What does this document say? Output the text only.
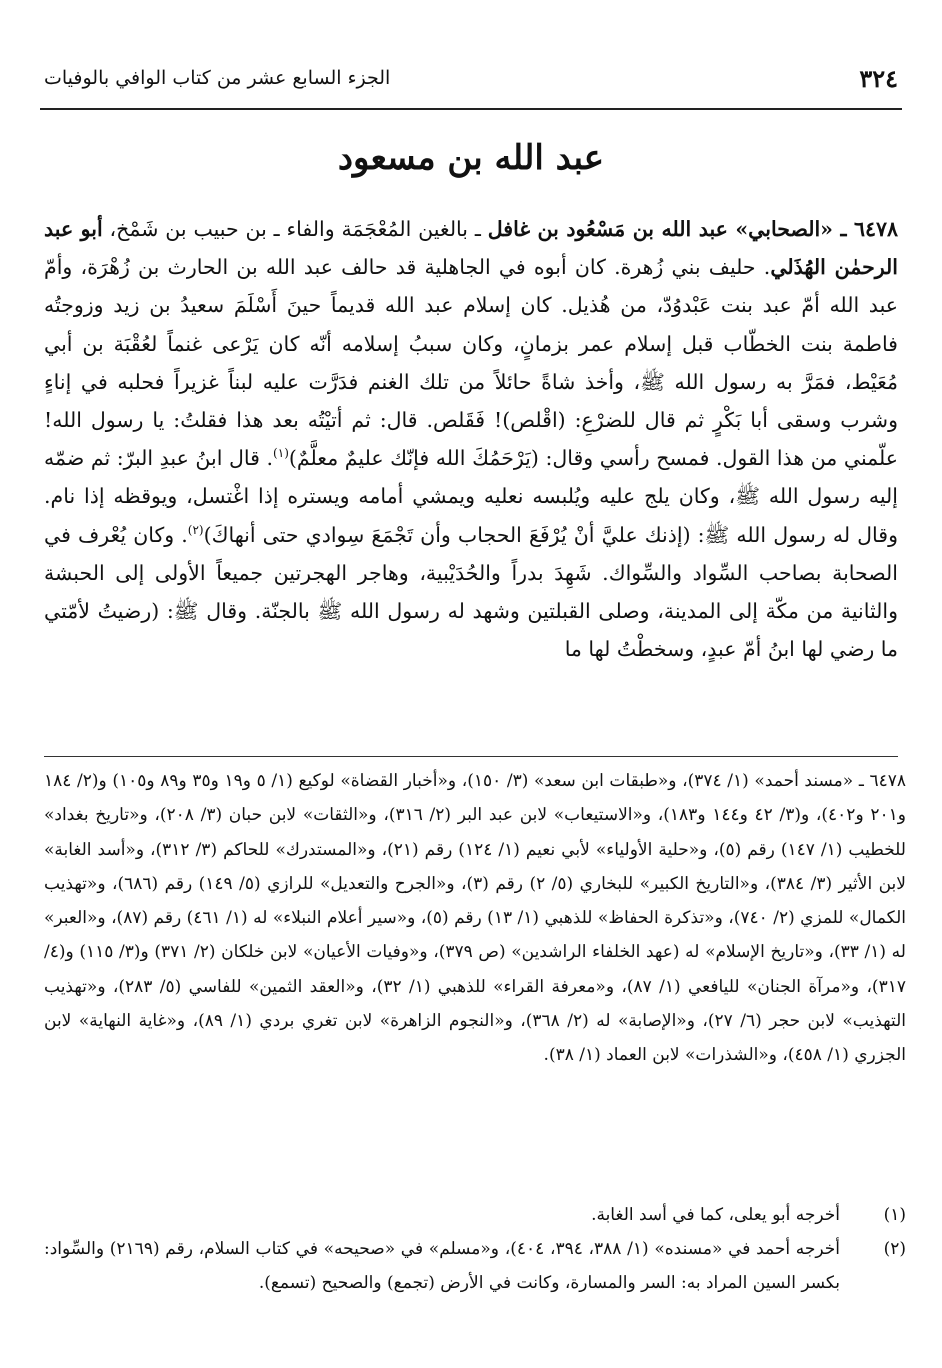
٣٢٤
الجزء السابع عشر من كتاب الوافي بالوفيات
عبد الله بن مسعود

٦٤٧٨ ـ «الصحابي» عبد الله بن مَسْعُود بن غافل ـ بالغين المُعْجَمَة والفاء ـ بن حبيب بن شَمْخ، أبو عبد الرحمٰن الهُذَلي. حليف بني زُهرة. كان أبوه في الجاهلية قد حالف عبد الله بن الحارث بن زُهْرَة، وأمّ عبد الله أمّ عبد بنت عَبْدوُدّ، من هُذيل. كان إسلام عبد الله قديماً حينَ أَسْلَمَ سعيدُ بن زيد وزوجتُه فاطمة بنت الخطّاب قبل إسلام عمر بزمانٍ، وكان سببُ إسلامه أنّه كان يَرْعى غنماً لعُقْبَة بن أبي مُعَيْط، فمَرَّ به رسول الله ﷺ، وأخذ شاةً حائلاً من تلك الغنم فدَرَّت عليه لبناً غزيراً فحلبه في إناءٍ وشرب وسقى أبا بَكْرٍ ثم قال للضرْعِ: (اقْلص)! فَقَلص. قال: ثم أتيْتُه بعد هذا فقلتُ: يا رسول الله! علّمني من هذا القول. فمسح رأسي وقال: (يَرْحَمُكَ الله فإنّك عليمٌ معلَّمٌ)$^{(١)}$. قال ابنُ عبدِ البرّ: ثم ضمّه إليه رسول الله ﷺ، وكان يلج عليه ويُلبسه نعليه ويمشي أمامه ويستره إذا اغْتسل، ويوقظه إذا نام. وقال له رسول الله ﷺ: (إذنك عليَّ أنْ يُرْفَعَ الحجاب وأن تَجْمَعَ سِوادي حتى أنهاكَ)$^{(٢)}$. وكان يُعْرف في الصحابة بصاحب السِّواد والسِّواك. شَهِدَ بدراً والحُدَيْبية، وهاجر الهجرتين جميعاً الأولى إلى الحبشة والثانية من مكّة إلى المدينة، وصلى القبلتين وشهد له رسول الله ﷺ بالجنّة. وقال ﷺ: (رضيتُ لأمّتي ما رضي لها ابنُ أمّ عبدٍ، وسخطْتُ لها ما

٦٤٧٨ ـ «مسند أحمد» (١/ ٣٧٤)، و«طبقات ابن سعد» (٣/ ١٥٠)، و«أخبار القضاة» لوكيع (١/ ٥ و١٩ و٣٥ و٨٩ و١٠٥) و(٢/ ١٨٤ و٢٠١ و٤٠٢)، و(٣/ ٤٢ و١٤٤ و١٨٣)، و«الاستيعاب» لابن عبد البر (٢/ ٣١٦)، و«الثقات» لابن حبان (٣/ ٢٠٨)، و«تاريخ بغداد» للخطيب (١/ ١٤٧) رقم (٥)، و«حلية الأولياء» لأبي نعيم (١/ ١٢٤) رقم (٢١)، و«المستدرك» للحاكم (٣/ ٣١٢)، و«أسد الغابة» لابن الأثير (٣/ ٣٨٤)، و«التاريخ الكبير» للبخاري (٥/ ٢) رقم (٣)، و«الجرح والتعديل» للرازي (٥/ ١٤٩) رقم (٦٨٦)، و«تهذيب الكمال» للمزي (٢/ ٧٤٠)، و«تذكرة الحفاظ» للذهبي (١/ ١٣) رقم (٥)، و«سير أعلام النبلاء» له (١/ ٤٦١) رقم (٨٧)، و«العبر» له (١/ ٣٣)، و«تاريخ الإسلام» له (عهد الخلفاء الراشدين» (ص ٣٧٩)، و«وفيات الأعيان» لابن خلكان (٢/ ٣٧١) و(٣/ ١١٥) و(٤/ ٣١٧)، و«مرآة الجنان» لليافعي (١/ ٨٧)، و«معرفة القراء» للذهبي (١/ ٣٢)، و«العقد الثمين» للفاسي (٥/ ٢٨٣)، و«تهذيب التهذيب» لابن حجر (٦/ ٢٧)، و«الإصابة» له (٢/ ٣٦٨)، و«النجوم الزاهرة» لابن تغري بردي (١/ ٨٩)، و«غاية النهاية» لابن الجزري (١/ ٤٥٨)، و«الشذرات» لابن العماد (١/ ٣٨).
(١)
أخرجه أبو يعلى، كما في أسد الغابة.
(٢)
أخرجه أحمد في «مسنده» (١/ ٣٨٨، ٣٩٤، ٤٠٤)، و«مسلم» في «صحيحه» في كتاب السلام، رقم (٢١٦٩) والسِّواد: بكسر السين المراد به: السر والمسارة، وكانت في الأرض (تجمع) والصحيح (تسمع).
